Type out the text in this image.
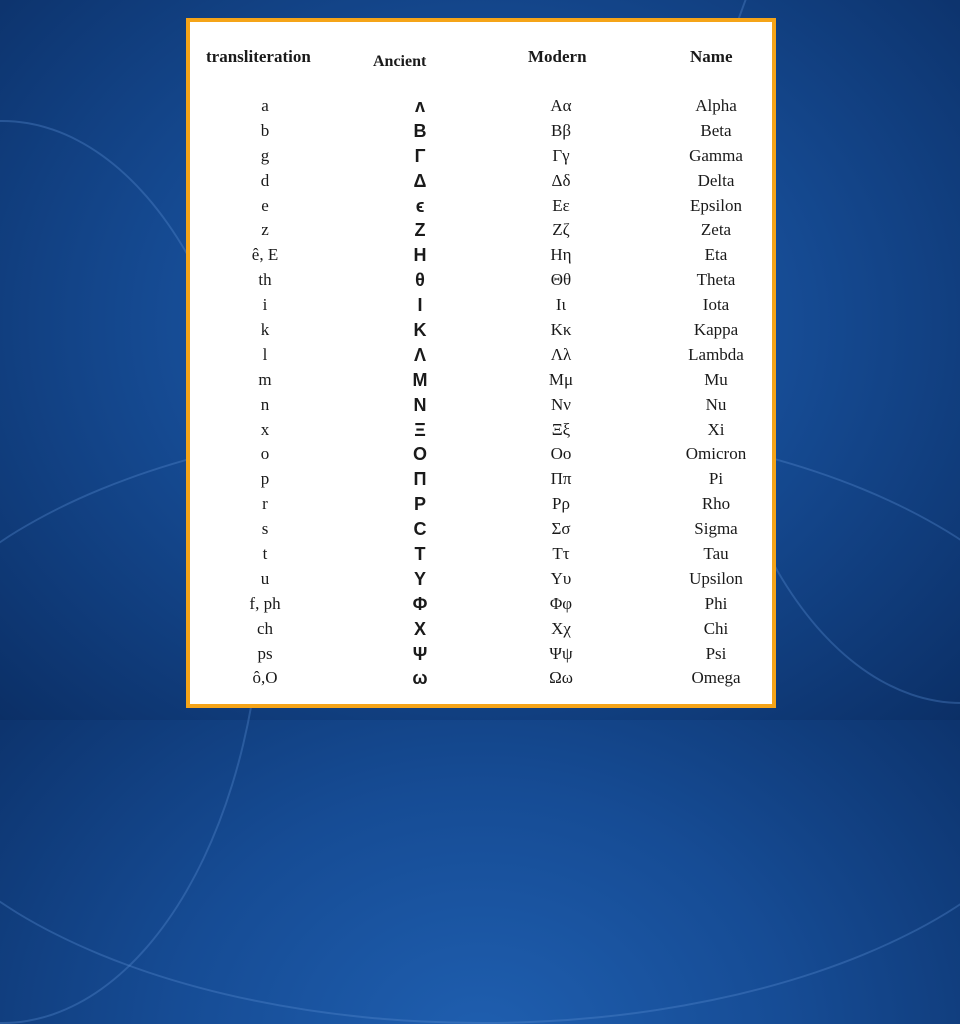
transliteration	Ancient	Modern	Name
a	ᴧ	Aα	Alpha
b	B	Bβ	Beta
g	Γ	Γγ	Gamma
d	Δ	Δδ	Delta
e	ϵ	Eε	Epsilon
z	Z	Zζ	Zeta
ê, E	H	Hη	Eta
th	θ	Θθ	Theta
i	I	Iι	Iota
k	K	Kκ	Kappa
l	Λ	Λλ	Lambda
m	M	Mμ	Mu
n	N	Nν	Nu
x	Ξ	Ξξ	Xi
o	O	Oο	Omicron
p	Π	Ππ	Pi
r	P	Pρ	Rho
s	C	Σσ	Sigma
t	T	Tτ	Tau
u	Y	Yυ	Upsilon
f, ph	Φ	Φφ	Phi
ch	X	Xχ	Chi
ps	Ψ	Ψψ	Psi
ô,O	ω	Ωω	Omega
